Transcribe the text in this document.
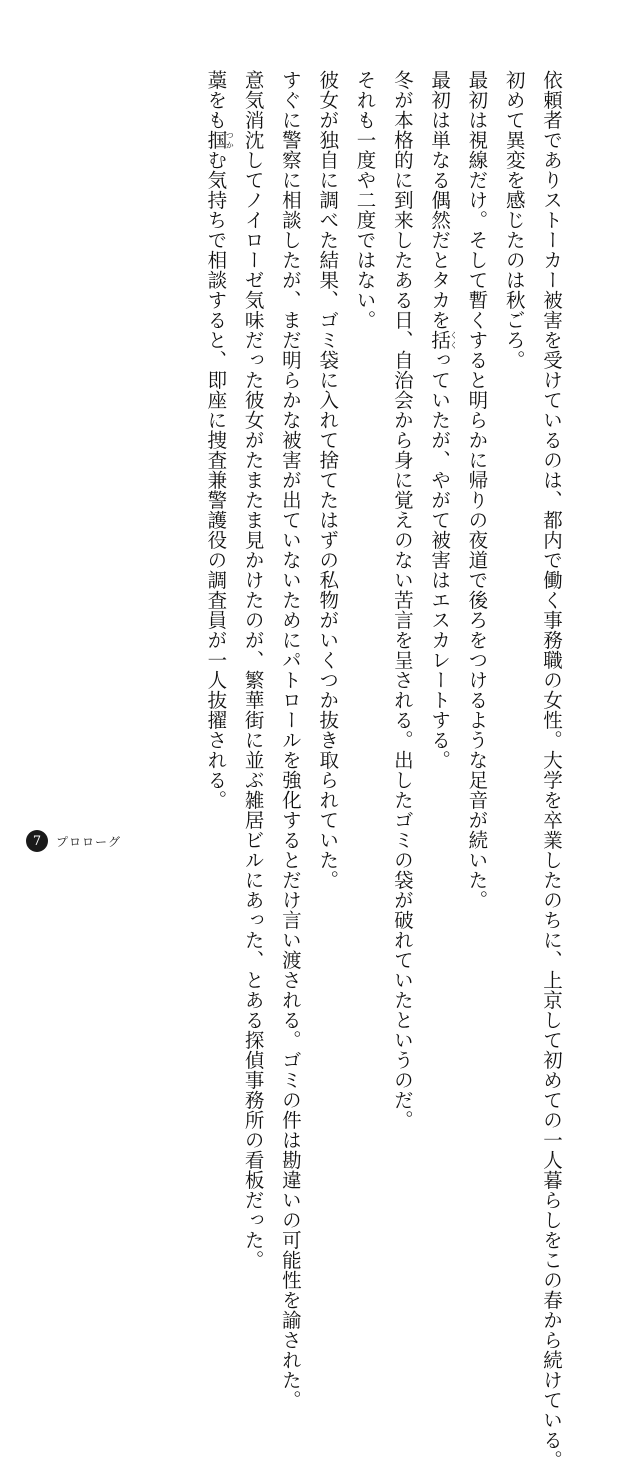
依頼者でありストーカー被害を受けているのは、都内で働く事務職の女性。大学を卒業したのちに、上京して初めての一人暮らしをこの春から続けている。

初めて異変を感じたのは秋ごろ。

最初は視線だけ。そして暫くすると明らかに帰りの夜道で後ろをつけるような足音が続いた。

最初は単なる偶然だとタカを括くくっていたが、やがて被害はエスカレートする。

冬が本格的に到来したある日、自治会から身に覚えのない苦言を呈される。出したゴミの袋が破れていたというのだ。

それも一度や二度ではない。

彼女が独自に調べた結果、ゴミ袋に入れて捨てたはずの私物がいくつか抜き取られていた。

すぐに警察に相談したが、まだ明らかな被害が出ていないためにパトロールを強化するとだけ言い渡される。ゴミの件は勘違いの可能性を諭された。

意気消沈してノイローゼ気味だった彼女がたまたま見かけたのが、繁華街に並ぶ雑居ビルにあった、とある探偵事務所の看板だった。

藁をも掴つかむ気持ちで相談すると、即座に捜査兼警護役の調査員が一人抜擢される。

7	プロローグ
